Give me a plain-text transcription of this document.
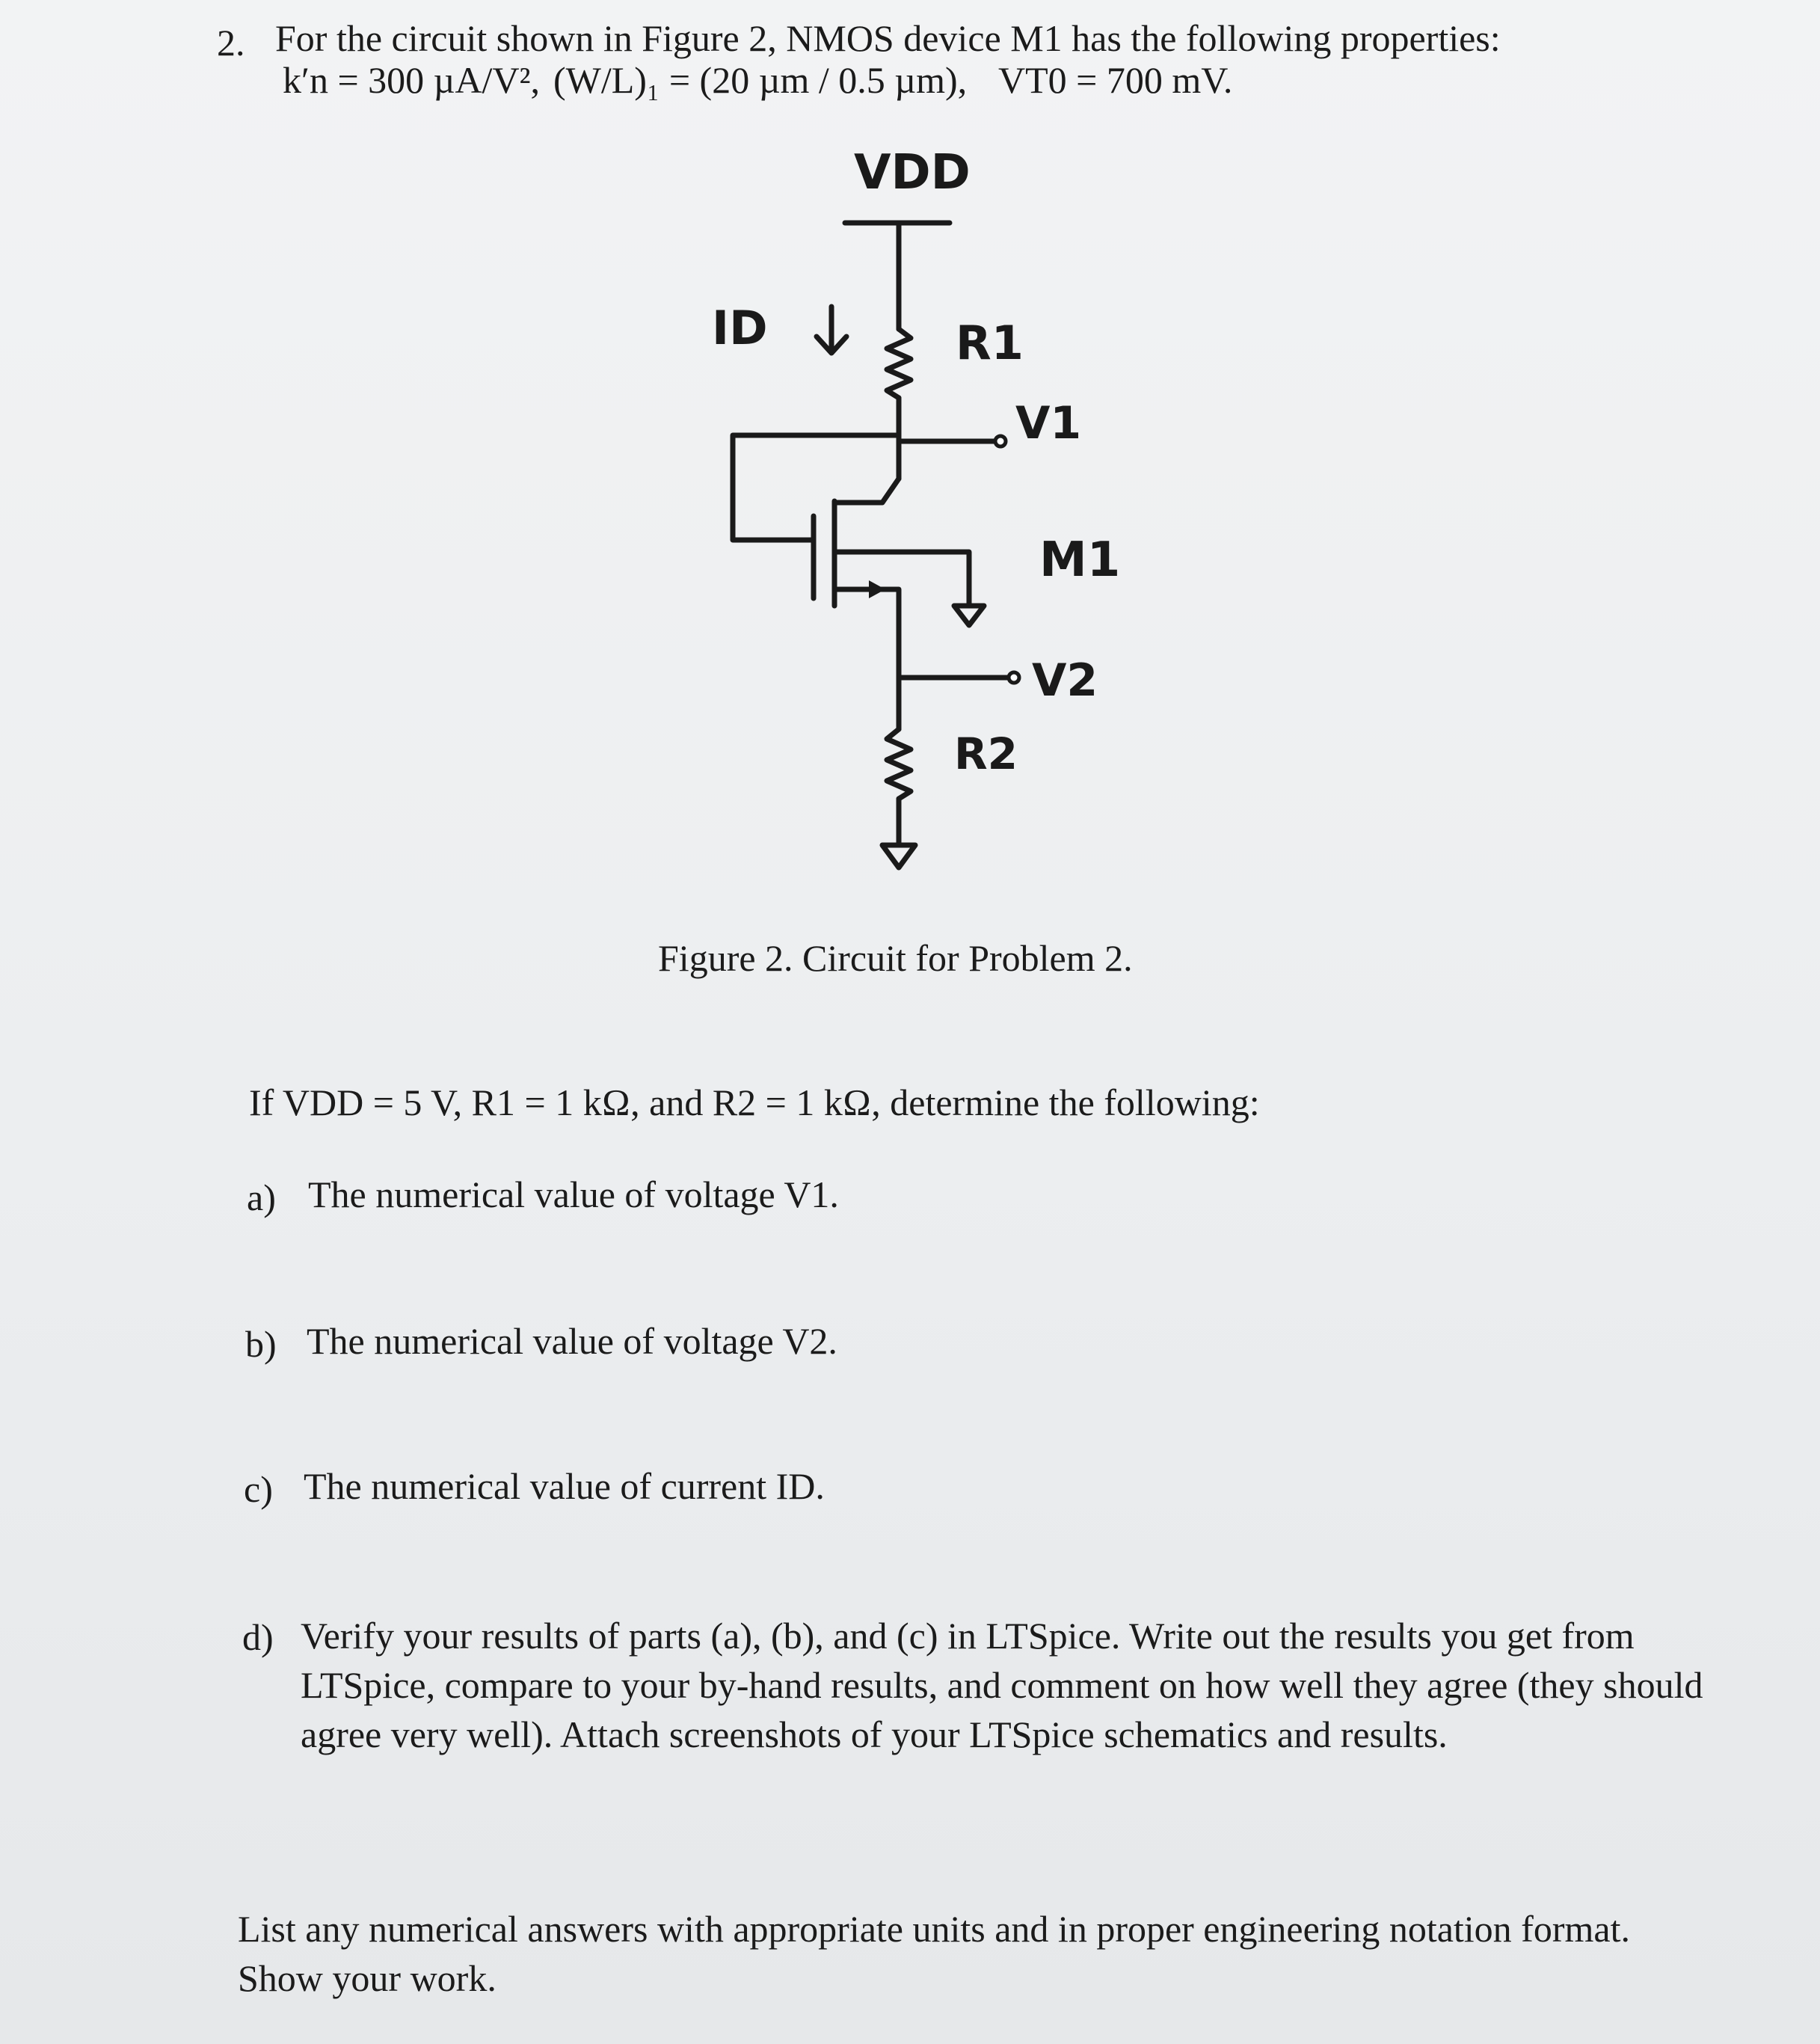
2. For the circuit shown in Figure 2, NMOS device M1 has the following properties:
k′n = 300 µA/V², (W/L)₁ = (20 µm / 0.5 µm), VT0 = 700 mV.
VDD
ID	R1
V1
M1
V2
R2
Figure 2. Circuit for Problem 2.
If VDD = 5 V, R1 = 1 kΩ, and R2 = 1 kΩ, determine the following:
a) The numerical value of voltage V1.
b) The numerical value of voltage V2.
c) The numerical value of current ID.
d) Verify your results of parts (a), (b), and (c) in LTSpice. Write out the results you get from LTSpice, compare to your by-hand results, and comment on how well they agree (they should agree very well). Attach screenshots of your LTSpice schematics and results.
List any numerical answers with appropriate units and in proper engineering notation format. Show your work.
